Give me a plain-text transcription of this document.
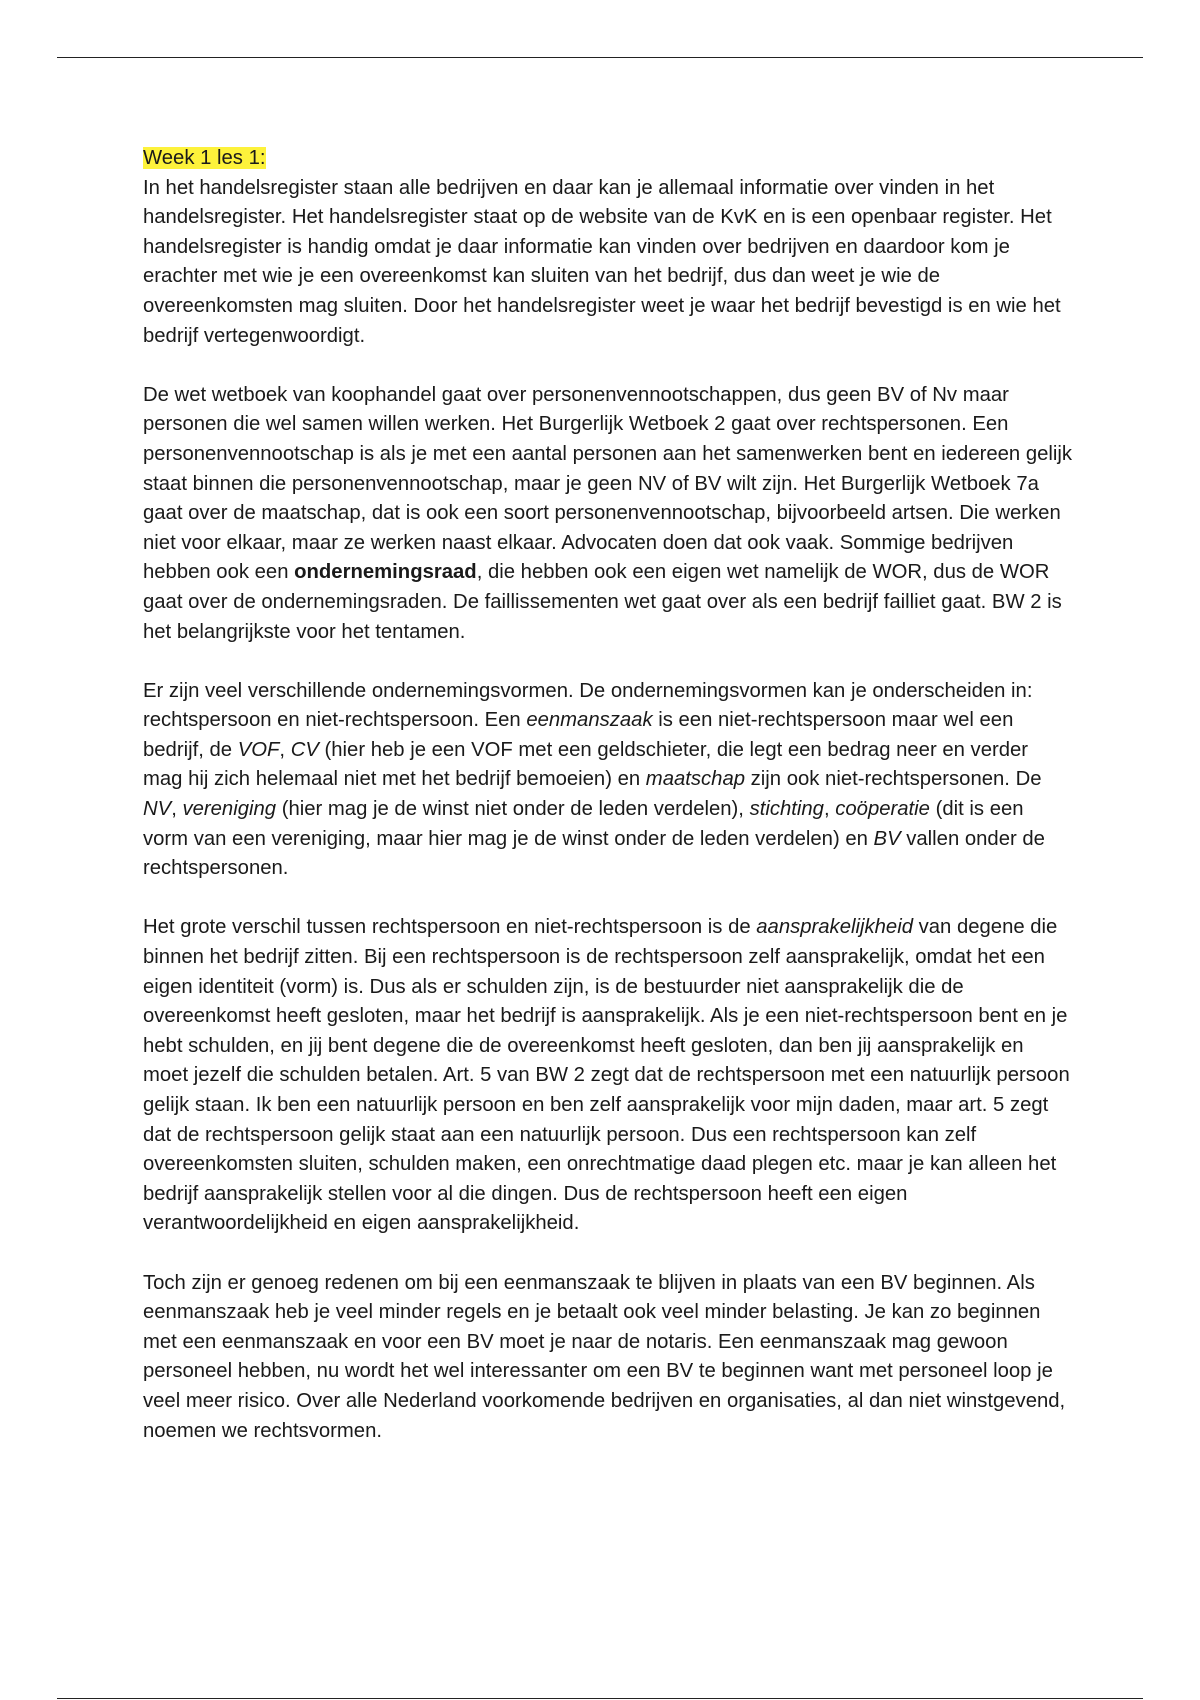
Week 1 les 1:

In het handelsregister staan alle bedrijven en daar kan je allemaal informatie over vinden in het handelsregister. Het handelsregister staat op de website van de KvK en is een openbaar register. Het handelsregister is handig omdat je daar informatie kan vinden over bedrijven en daardoor kom je erachter met wie je een overeenkomst kan sluiten van het bedrijf, dus dan weet je wie de overeenkomsten mag sluiten. Door het handelsregister weet je waar het bedrijf bevestigd is en wie het bedrijf vertegenwoordigt.

De wet wetboek van koophandel gaat over personenvennootschappen, dus geen BV of Nv maar personen die wel samen willen werken. Het Burgerlijk Wetboek 2 gaat over rechtspersonen. Een personenvennootschap is als je met een aantal personen aan het samenwerken bent en iedereen gelijk staat binnen die personenvennootschap, maar je geen NV of BV wilt zijn. Het Burgerlijk Wetboek 7a gaat over de maatschap, dat is ook een soort personenvennootschap, bijvoorbeeld artsen. Die werken niet voor elkaar, maar ze werken naast elkaar. Advocaten doen dat ook vaak. Sommige bedrijven hebben ook een ondernemingsraad, die hebben ook een eigen wet namelijk de WOR, dus de WOR gaat over de ondernemingsraden. De faillissementen wet gaat over als een bedrijf failliet gaat. BW 2 is het belangrijkste voor het tentamen.

Er zijn veel verschillende ondernemingsvormen. De ondernemingsvormen kan je onderscheiden in: rechtspersoon en niet-rechtspersoon. Een eenmanszaak is een niet-rechtspersoon maar wel een bedrijf, de VOF, CV (hier heb je een VOF met een geldschieter, die legt een bedrag neer en verder mag hij zich helemaal niet met het bedrijf bemoeien) en maatschap zijn ook niet-rechtspersonen. De NV, vereniging (hier mag je de winst niet onder de leden verdelen), stichting, coöperatie (dit is een vorm van een vereniging, maar hier mag je de winst onder de leden verdelen) en BV vallen onder de rechtspersonen.

Het grote verschil tussen rechtspersoon en niet-rechtspersoon is de aansprakelijkheid van degene die binnen het bedrijf zitten. Bij een rechtspersoon is de rechtspersoon zelf aansprakelijk, omdat het een eigen identiteit (vorm) is. Dus als er schulden zijn, is de bestuurder niet aansprakelijk die de overeenkomst heeft gesloten, maar het bedrijf is aansprakelijk. Als je een niet-rechtspersoon bent en je hebt schulden, en jij bent degene die de overeenkomst heeft gesloten, dan ben jij aansprakelijk en moet jezelf die schulden betalen. Art. 5 van BW 2 zegt dat de rechtspersoon met een natuurlijk persoon gelijk staan. Ik ben een natuurlijk persoon en ben zelf aansprakelijk voor mijn daden, maar art. 5 zegt dat de rechtspersoon gelijk staat aan een natuurlijk persoon. Dus een rechtspersoon kan zelf overeenkomsten sluiten, schulden maken, een onrechtmatige daad plegen etc. maar je kan alleen het bedrijf aansprakelijk stellen voor al die dingen. Dus de rechtspersoon heeft een eigen verantwoordelijkheid en eigen aansprakelijkheid.

Toch zijn er genoeg redenen om bij een eenmanszaak te blijven in plaats van een BV beginnen. Als eenmanszaak heb je veel minder regels en je betaalt ook veel minder belasting. Je kan zo beginnen met een eenmanszaak en voor een BV moet je naar de notaris. Een eenmanszaak mag gewoon personeel hebben, nu wordt het wel interessanter om een BV te beginnen want met personeel loop je veel meer risico. Over alle Nederland voorkomende bedrijven en organisaties, al dan niet winstgevend, noemen we rechtsvormen.
